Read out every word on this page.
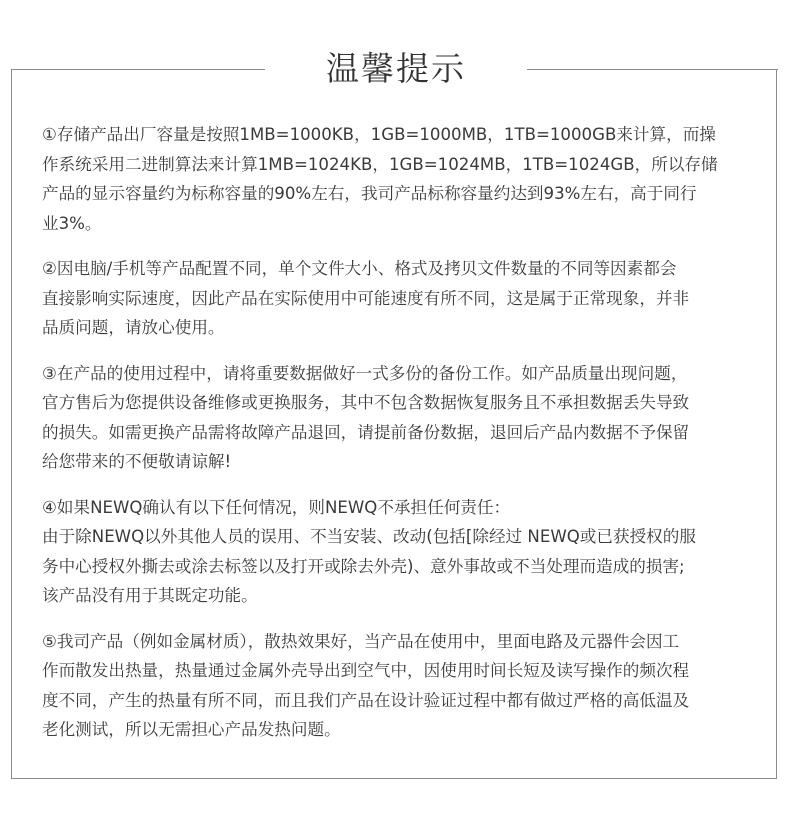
温馨提示
①存储产品出厂容量是按照1MB=1000KB，1GB=1000MB，1TB=1000GB来计算，而操
作系统采用二进制算法来计算1MB=1024KB，1GB=1024MB，1TB=1024GB，所以存储
产品的显示容量约为标称容量的90%左右，我司产品标称容量约达到93%左右，高于同行
业3%。
②因电脑/手机等产品配置不同，单个文件大小、格式及拷贝文件数量的不同等因素都会
直接影响实际速度，因此产品在实际使用中可能速度有所不同，这是属于正常现象，并非
品质问题，请放心使用。
③在产品的使用过程中，请将重要数据做好一式多份的备份工作。如产品质量出现问题，
官方售后为您提供设备维修或更换服务，其中不包含数据恢复服务且不承担数据丢失导致
的损失。如需更换产品需将故障产品退回，请提前备份数据，退回后产品内数据不予保留
给您带来的不便敬请谅解!
④如果NEWQ确认有以下任何情况，则NEWQ不承担任何责任：
由于除NEWQ以外其他人员的误用、不当安装、改动(包括[除经过 NEWQ或已获授权的服
务中心授权外撕去或涂去标签以及打开或除去外壳)、意外事故或不当处理而造成的损害;
该产品没有用于其既定功能。
⑤我司产品（例如金属材质），散热效果好，当产品在使用中，里面电路及元器件会因工
作而散发出热量，热量通过金属外壳导出到空气中，因使用时间长短及读写操作的频次程
度不同，产生的热量有所不同，而且我们产品在设计验证过程中都有做过严格的高低温及
老化测试，所以无需担心产品发热问题。
